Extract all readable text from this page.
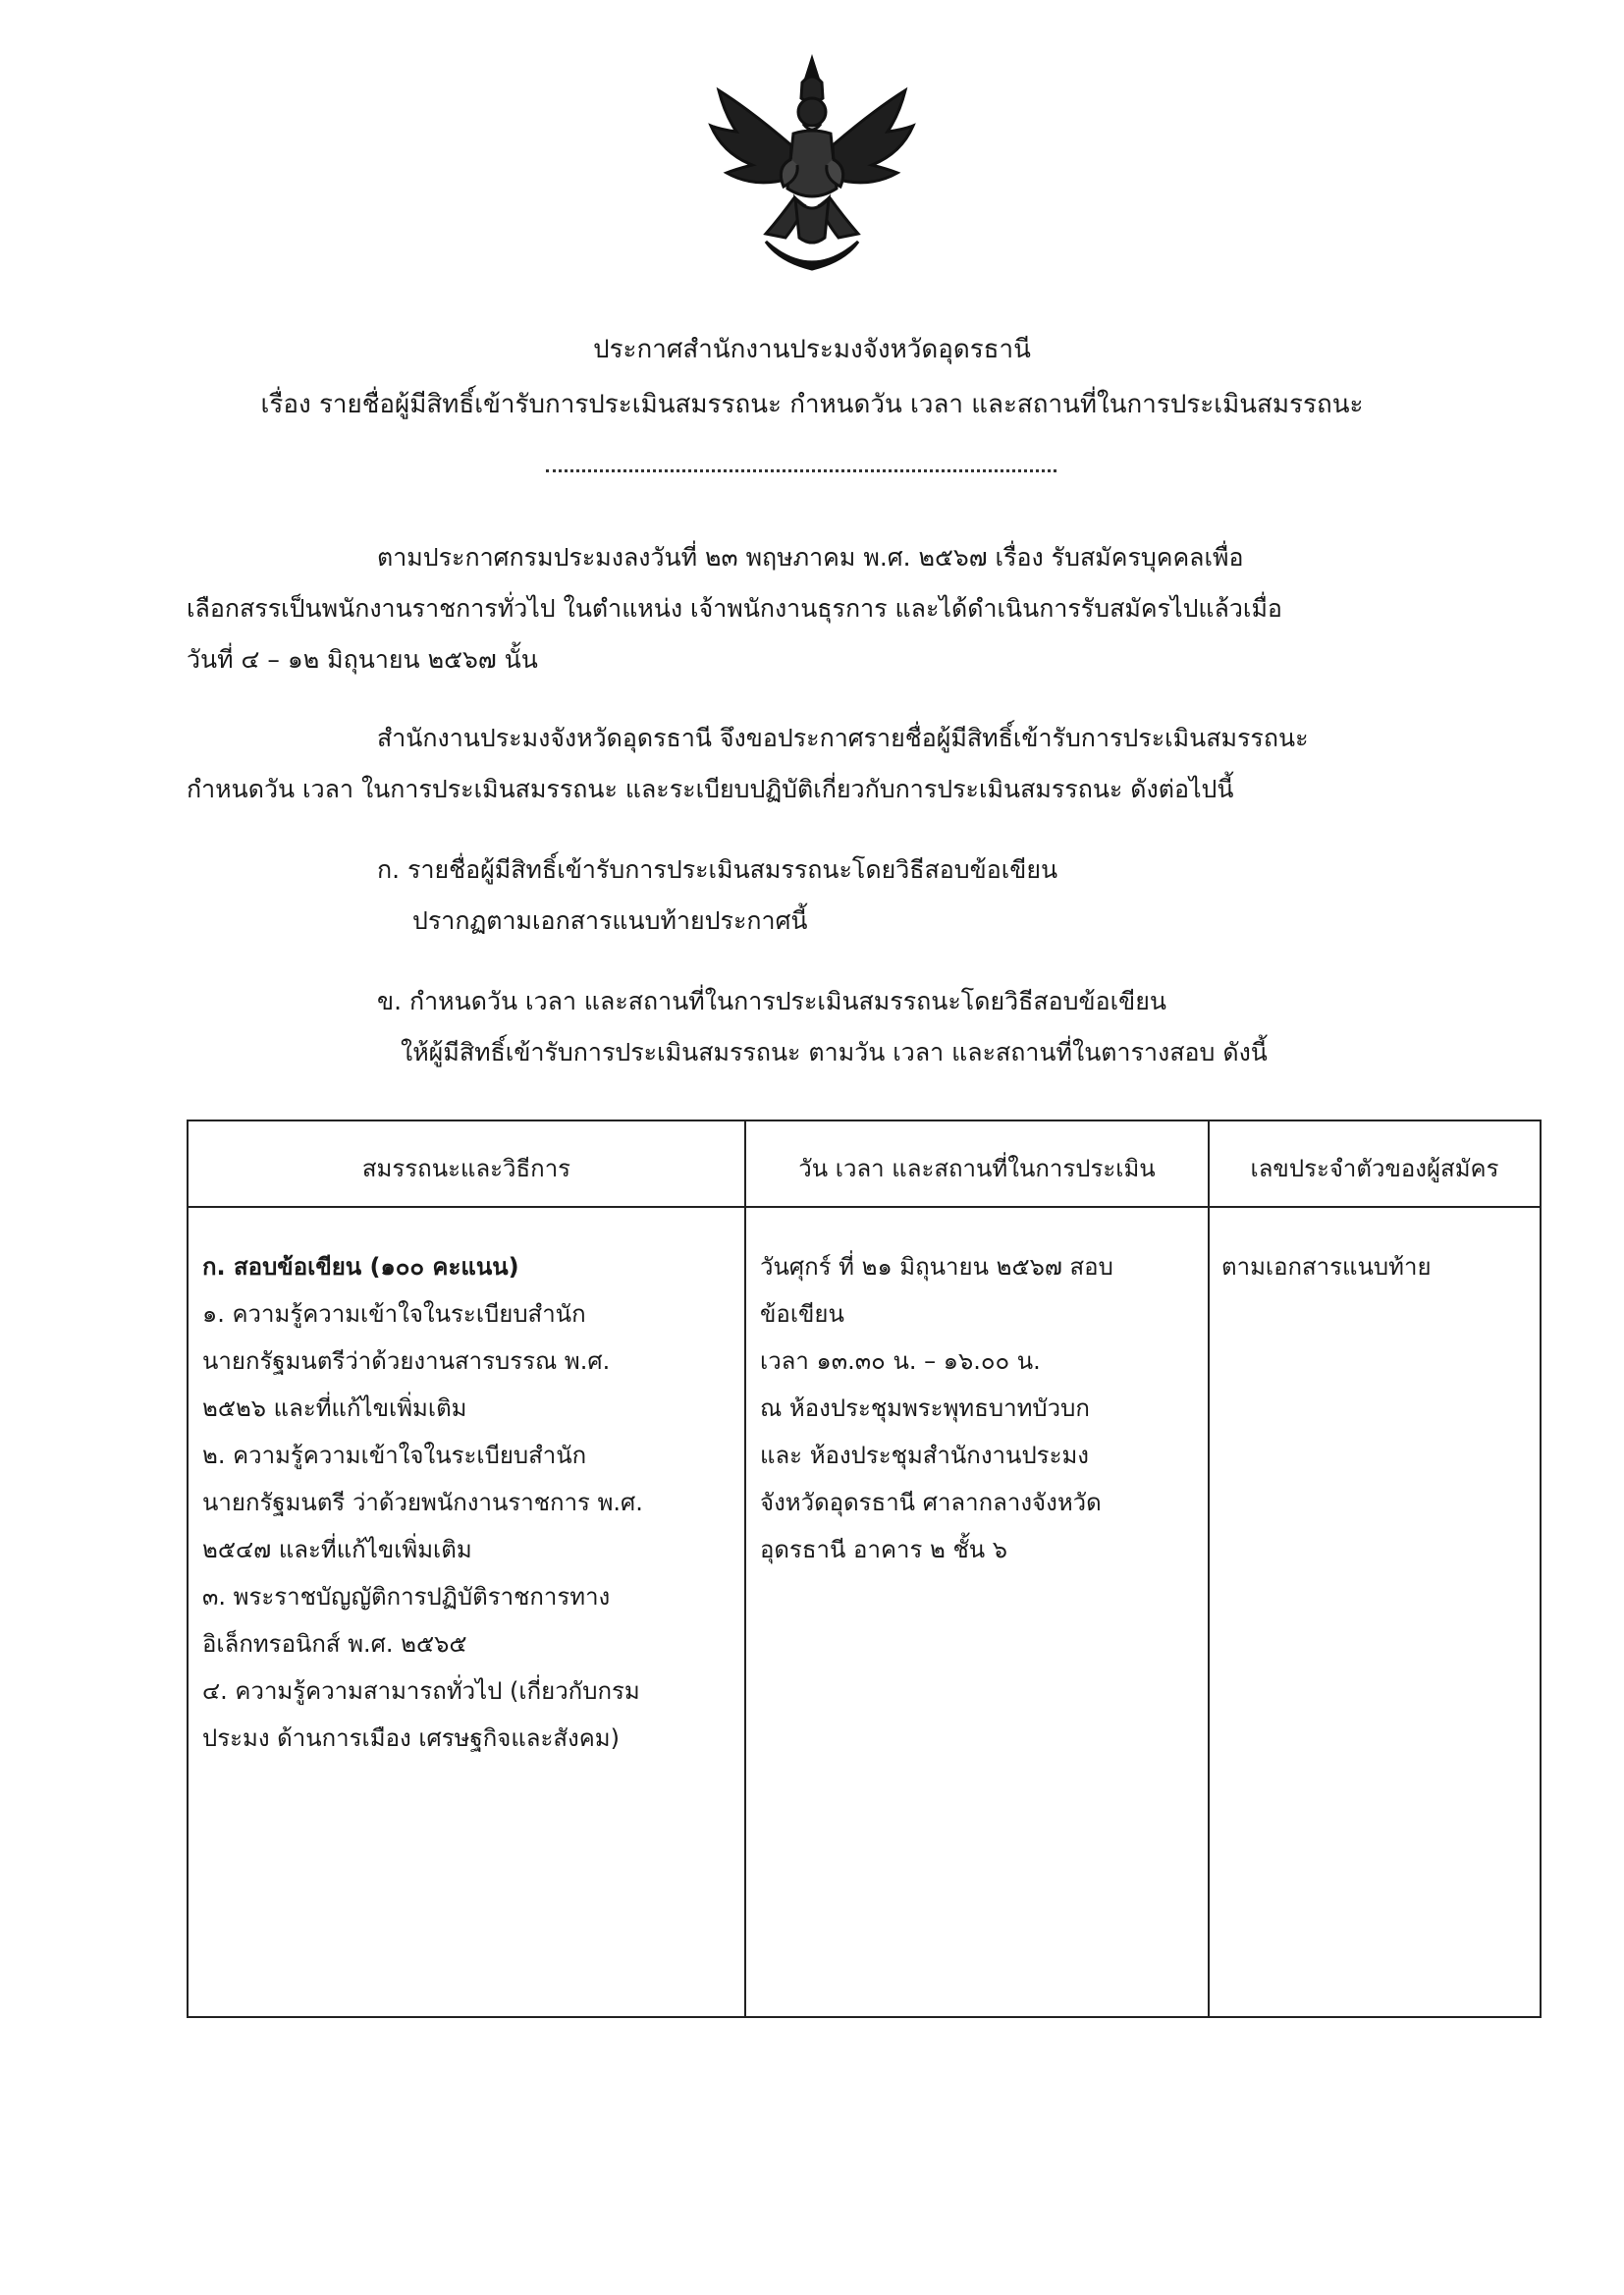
ประกาศสำนักงานประมงจังหวัดอุดรธานี
เรื่อง รายชื่อผู้มีสิทธิ์เข้ารับการประเมินสมรรถนะ กำหนดวัน เวลา และสถานที่ในการประเมินสมรรถนะ
ตามประกาศกรมประมงลงวันที่ ๒๓ พฤษภาคม พ.ศ. ๒๕๖๗ เรื่อง รับสมัครบุคคลเพื่อ
เลือกสรรเป็นพนักงานราชการทั่วไป ในตำแหน่ง เจ้าพนักงานธุรการ และได้ดำเนินการรับสมัครไปแล้วเมื่อ
วันที่ ๔ – ๑๒ มิถุนายน ๒๕๖๗ นั้น
สำนักงานประมงจังหวัดอุดรธานี จึงขอประกาศรายชื่อผู้มีสิทธิ์เข้ารับการประเมินสมรรถนะ
กำหนดวัน เวลา ในการประเมินสมรรถนะ และระเบียบปฏิบัติเกี่ยวกับการประเมินสมรรถนะ ดังต่อไปนี้
ก. รายชื่อผู้มีสิทธิ์เข้ารับการประเมินสมรรถนะโดยวิธีสอบข้อเขียน
ปรากฏตามเอกสารแนบท้ายประกาศนี้
ข. กำหนดวัน เวลา และสถานที่ในการประเมินสมรรถนะโดยวิธีสอบข้อเขียน
ให้ผู้มีสิทธิ์เข้ารับการประเมินสมรรถนะ ตามวัน เวลา และสถานที่ในตารางสอบ ดังนี้
สมรรถนะและวิธีการ	วัน เวลา และสถานที่ในการประเมิน	เลขประจำตัวของผู้สมัคร
ก. สอบข้อเขียน (๑๐๐ คะแนน)
๑. ความรู้ความเข้าใจในระเบียบสำนัก
นายกรัฐมนตรีว่าด้วยงานสารบรรณ พ.ศ.
๒๕๒๖ และที่แก้ไขเพิ่มเติม
๒. ความรู้ความเข้าใจในระเบียบสำนัก
นายกรัฐมนตรี ว่าด้วยพนักงานราชการ พ.ศ.
๒๕๔๗ และที่แก้ไขเพิ่มเติม
๓. พระราชบัญญัติการปฏิบัติราชการทาง
อิเล็กทรอนิกส์ พ.ศ. ๒๕๖๕
๔. ความรู้ความสามารถทั่วไป (เกี่ยวกับกรม
ประมง ด้านการเมือง เศรษฐกิจและสังคม)
วันศุกร์ ที่ ๒๑ มิถุนายน ๒๕๖๗ สอบ
ข้อเขียน
เวลา ๑๓.๓๐ น. – ๑๖.๐๐ น.
ณ ห้องประชุมพระพุทธบาทบัวบก
และ ห้องประชุมสำนักงานประมง
จังหวัดอุดรธานี ศาลากลางจังหวัด
อุดรธานี อาคาร ๒ ชั้น ๖
ตามเอกสารแนบท้าย
